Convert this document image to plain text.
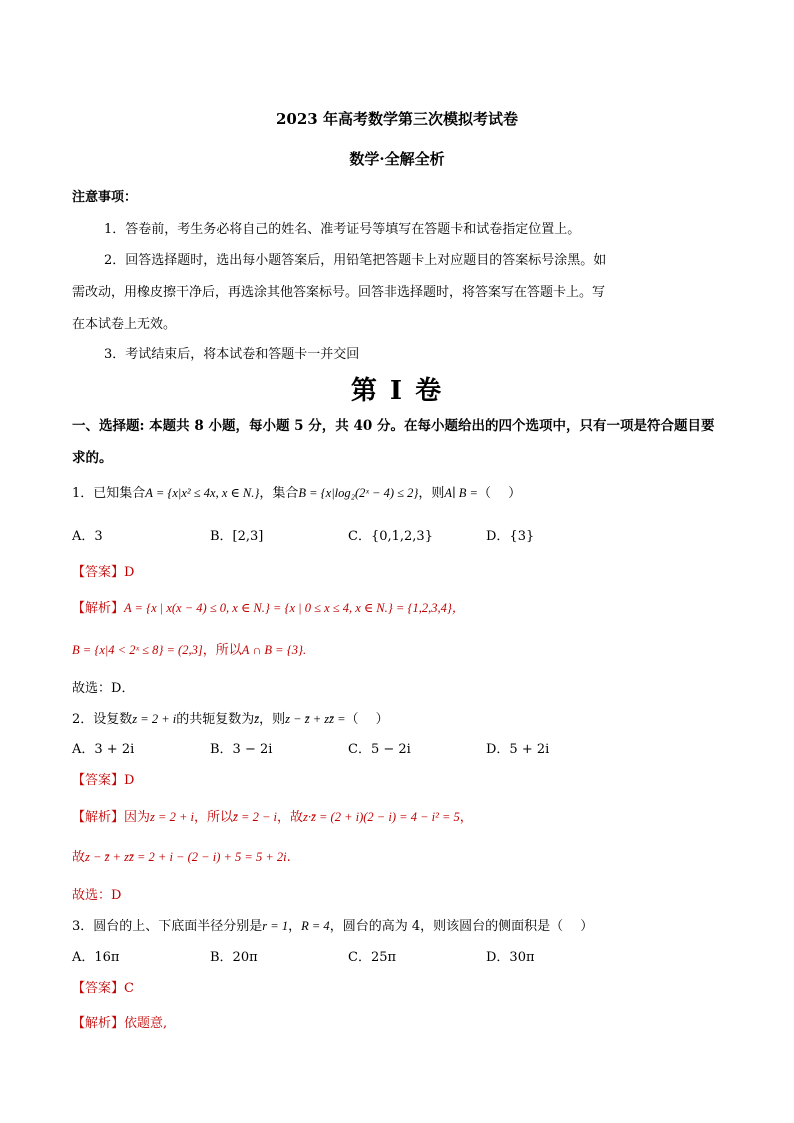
2023 年高考数学第三次模拟考试卷
数学·全解全析
注意事项：
1．答卷前，考生务必将自己的姓名、准考证号等填写在答题卡和试卷指定位置上。
2．回答选择题时，选出每小题答案后，用铅笔把答题卡上对应题目的答案标号涂黑。如
需改动，用橡皮擦干净后，再选涂其他答案标号。回答非选择题时，将答案写在答题卡上。写
在本试卷上无效。
3．考试结束后，将本试卷和答题卡一并交回
第 I 卷
一、选择题: 本题共 8 小题，每小题 5 分，共 40 分。在每小题给出的四个选项中，只有一项是符合题目要
求的。
1．已知集合A = {x|x² ≤ 4x, x ∈ N.}，集合B = {x|log₂(2ˣ − 4) ≤ 2}，则A∣ B =（　 ）
A．3	B．[2,3]	C．{0,1,2,3}	D．{3}
【答案】D
【解析】A = {x | x(x − 4) ≤ 0, x ∈ N.} = {x | 0 ≤ x ≤ 4, x ∈ N.} = {1,2,3,4}，
B = {x|4 < 2ˣ ≤ 8} = (2,3]，所以A ∩ B = {3}.
故选：D．
2．设复数z = 2 + i的共轭复数为z̄，则z − z̄ + zz̄ =（　 ）
A．3 + 2i	B．3 − 2i	C．5 − 2i	D．5 + 2i
【答案】D
【解析】因为z = 2 + i，所以z̄ = 2 − i，故z·z̄ = (2 + i)(2 − i) = 4 − i² = 5，
故z − z̄ + zz̄ = 2 + i − (2 − i) + 5 = 5 + 2i.
故选：D
3．圆台的上、下底面半径分别是r = 1，R = 4，圆台的高为 4，则该圆台的侧面积是（　 ）
A．16π	B．20π	C．25π	D．30π
【答案】C
【解析】依题意,
